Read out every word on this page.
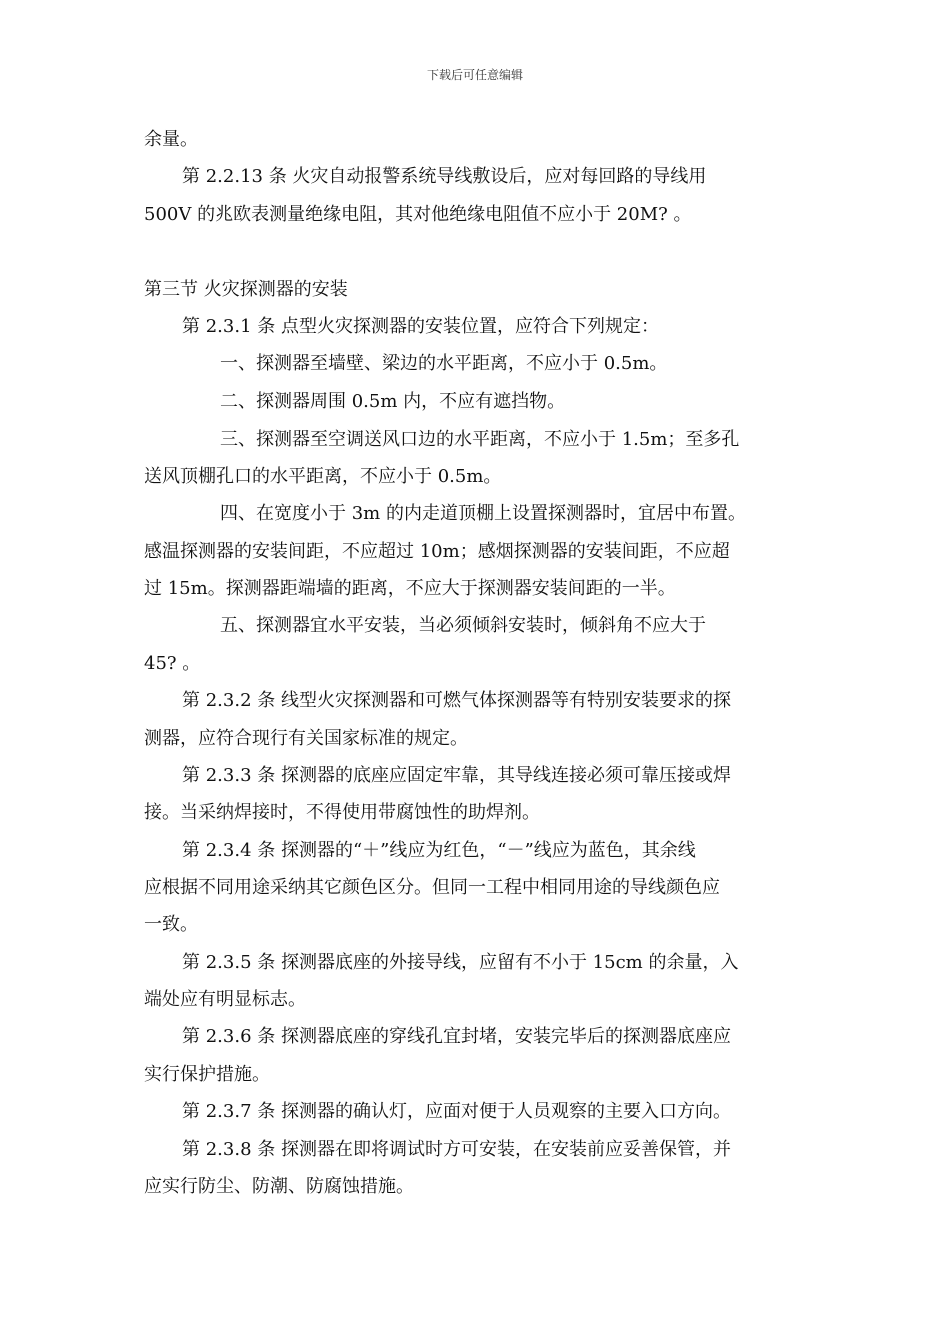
下载后可任意编辑
余量。
第 2.2.13 条 火灾自动报警系统导线敷设后，应对每回路的导线用
500V 的兆欧表测量绝缘电阻，其对他绝缘电阻值不应小于 20M? 。
第三节 火灾探测器的安装
第 2.3.1 条 点型火灾探测器的安装位置，应符合下列规定：
一、探测器至墙壁、梁边的水平距离，不应小于 0.5m。
二、探测器周围 0.5m 内，不应有遮挡物。
三、探测器至空调送风口边的水平距离，不应小于 1.5m；至多孔
送风顶棚孔口的水平距离，不应小于 0.5m。
四、在宽度小于 3m 的内走道顶棚上设置探测器时，宜居中布置。
感温探测器的安装间距，不应超过 10m；感烟探测器的安装间距，不应超
过 15m。探测器距端墙的距离，不应大于探测器安装间距的一半。
五、探测器宜水平安装，当必须倾斜安装时，倾斜角不应大于
45? 。
第 2.3.2 条 线型火灾探测器和可燃气体探测器等有特别安装要求的探
测器，应符合现行有关国家标准的规定。
第 2.3.3 条 探测器的底座应固定牢靠，其导线连接必须可靠压接或焊
接。当采纳焊接时，不得使用带腐蚀性的助焊剂。
第 2.3.4 条 探测器的“＋”线应为红色，“－”线应为蓝色，其余线
应根据不同用途采纳其它颜色区分。但同一工程中相同用途的导线颜色应
一致。
第 2.3.5 条 探测器底座的外接导线，应留有不小于 15cm 的余量，入
端处应有明显标志。
第 2.3.6 条 探测器底座的穿线孔宜封堵，安装完毕后的探测器底座应
实行保护措施。
第 2.3.7 条 探测器的确认灯，应面对便于人员观察的主要入口方向。
第 2.3.8 条 探测器在即将调试时方可安装，在安装前应妥善保管，并
应实行防尘、防潮、防腐蚀措施。
